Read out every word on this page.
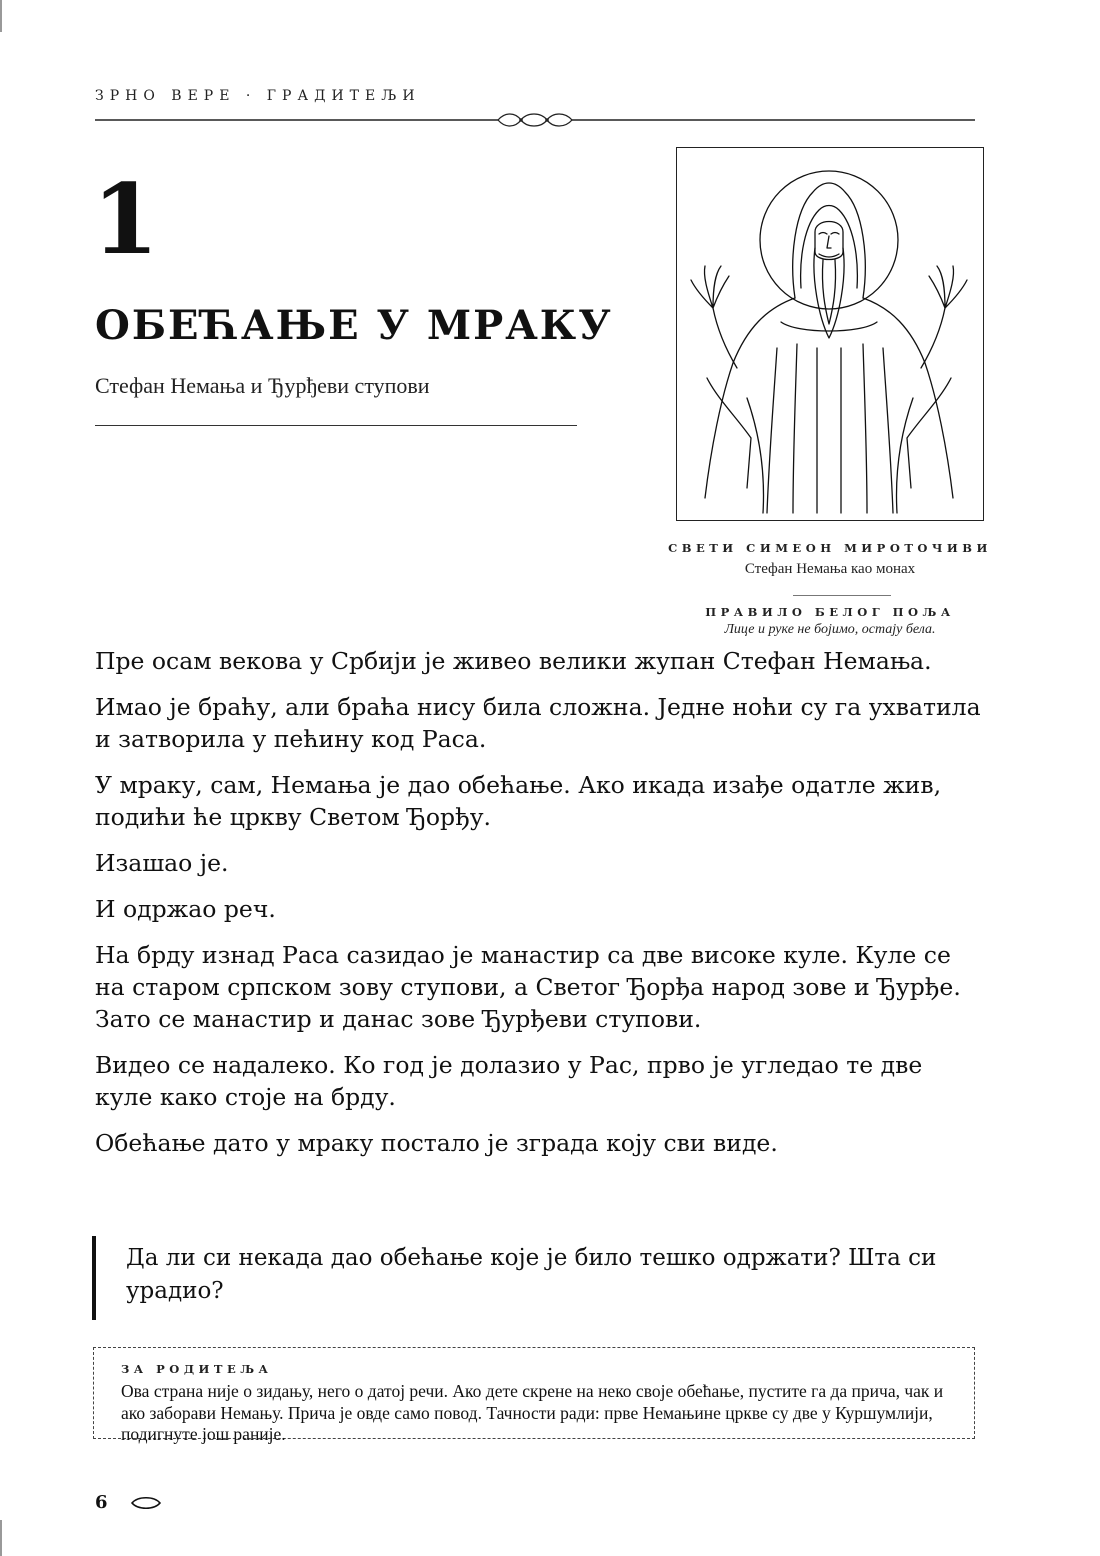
ЗРНО ВЕРЕ · ГРАДИТЕЉИ
1
ОБЕЋАЊЕ У МРАКУ
Стефан Немања и Ђурђеви ступови
СВЕТИ СИМЕОН МИРОТОЧИВИ
Стефан Немања као монах
ПРАВИЛО БЕЛОГ ПОЉА
Лице и руке не бојимо, остају бела.

Пре осам векова у Србији је живео велики жупан Стефан Немања.

Имао је браћу, али браћа нису била сложна. Једне ноћи су га ухватила и затворила у пећину код Раса.

У мраку, сам, Немања је дао обећање. Ако икада изађе одатле жив, подићи ће цркву Светом Ђорђу.

Изашао је.

И одржао реч.

На брду изнад Раса сазидао је манастир са две високе куле. Куле се на старом српском зову ступови, а Светог Ђорђа народ зове и Ђурђе. Зато се манастир и данас зове Ђурђеви ступови.

Видео се надалеко. Ко год је долазио у Рас, прво је угледао те две куле како стоје на брду.

Обећање дато у мраку постало је зграда коју сви виде.

Да ли си некада дао обећање које је било тешко одржати? Шта си урадио?
ЗА РОДИТЕЉА
Ова страна није о зидању, него о датој речи. Ако дете скрене на неко своје обећање, пустите га да прича, чак и ако заборави Немању. Прича је овде само повод. Тачности ради: прве Немањине цркве су две у Куршумлији, подигнуте још раније.
6
